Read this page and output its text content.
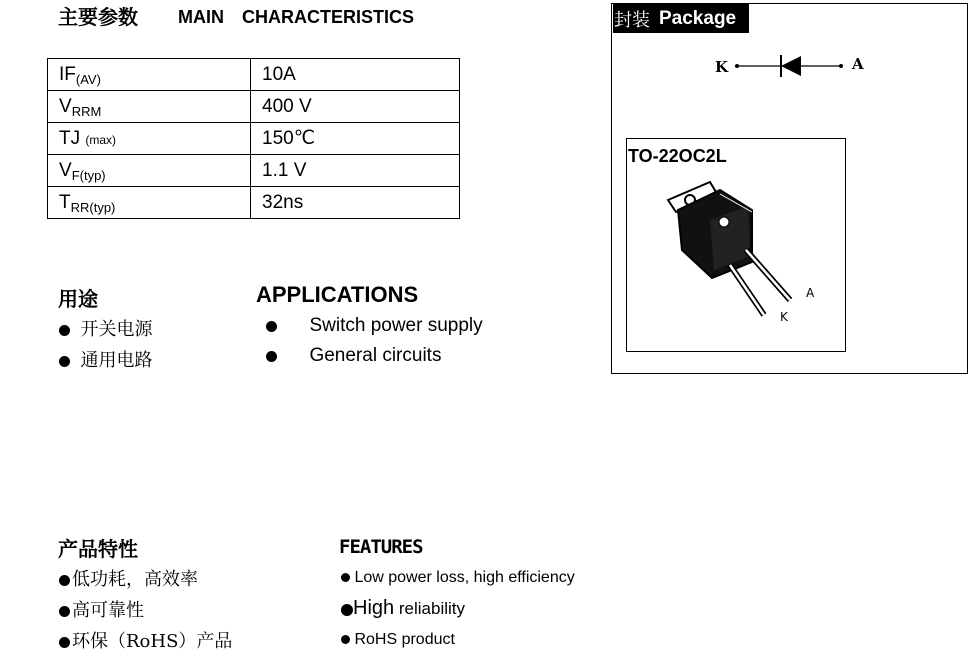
主要参数 MAIN　CHARACTERISTICS
$IF_{(AV)}$	10A
$V_{RRM}$	400 V
TJ (max)	150℃
$V_{F(typ)}$	1.1 V
$T_{RR(typ)}$	32ns
用途	APPLICATIONS
开关电源
通用电路
Switch power supply
General circuits
封装 Package
K	A
TO-22OC2L
A
K
产品特性	FEATURES
低功耗，高效率
高可靠性
环保（RoHS）产品
Low power loss, high efficiency
High reliability
RoHS product
